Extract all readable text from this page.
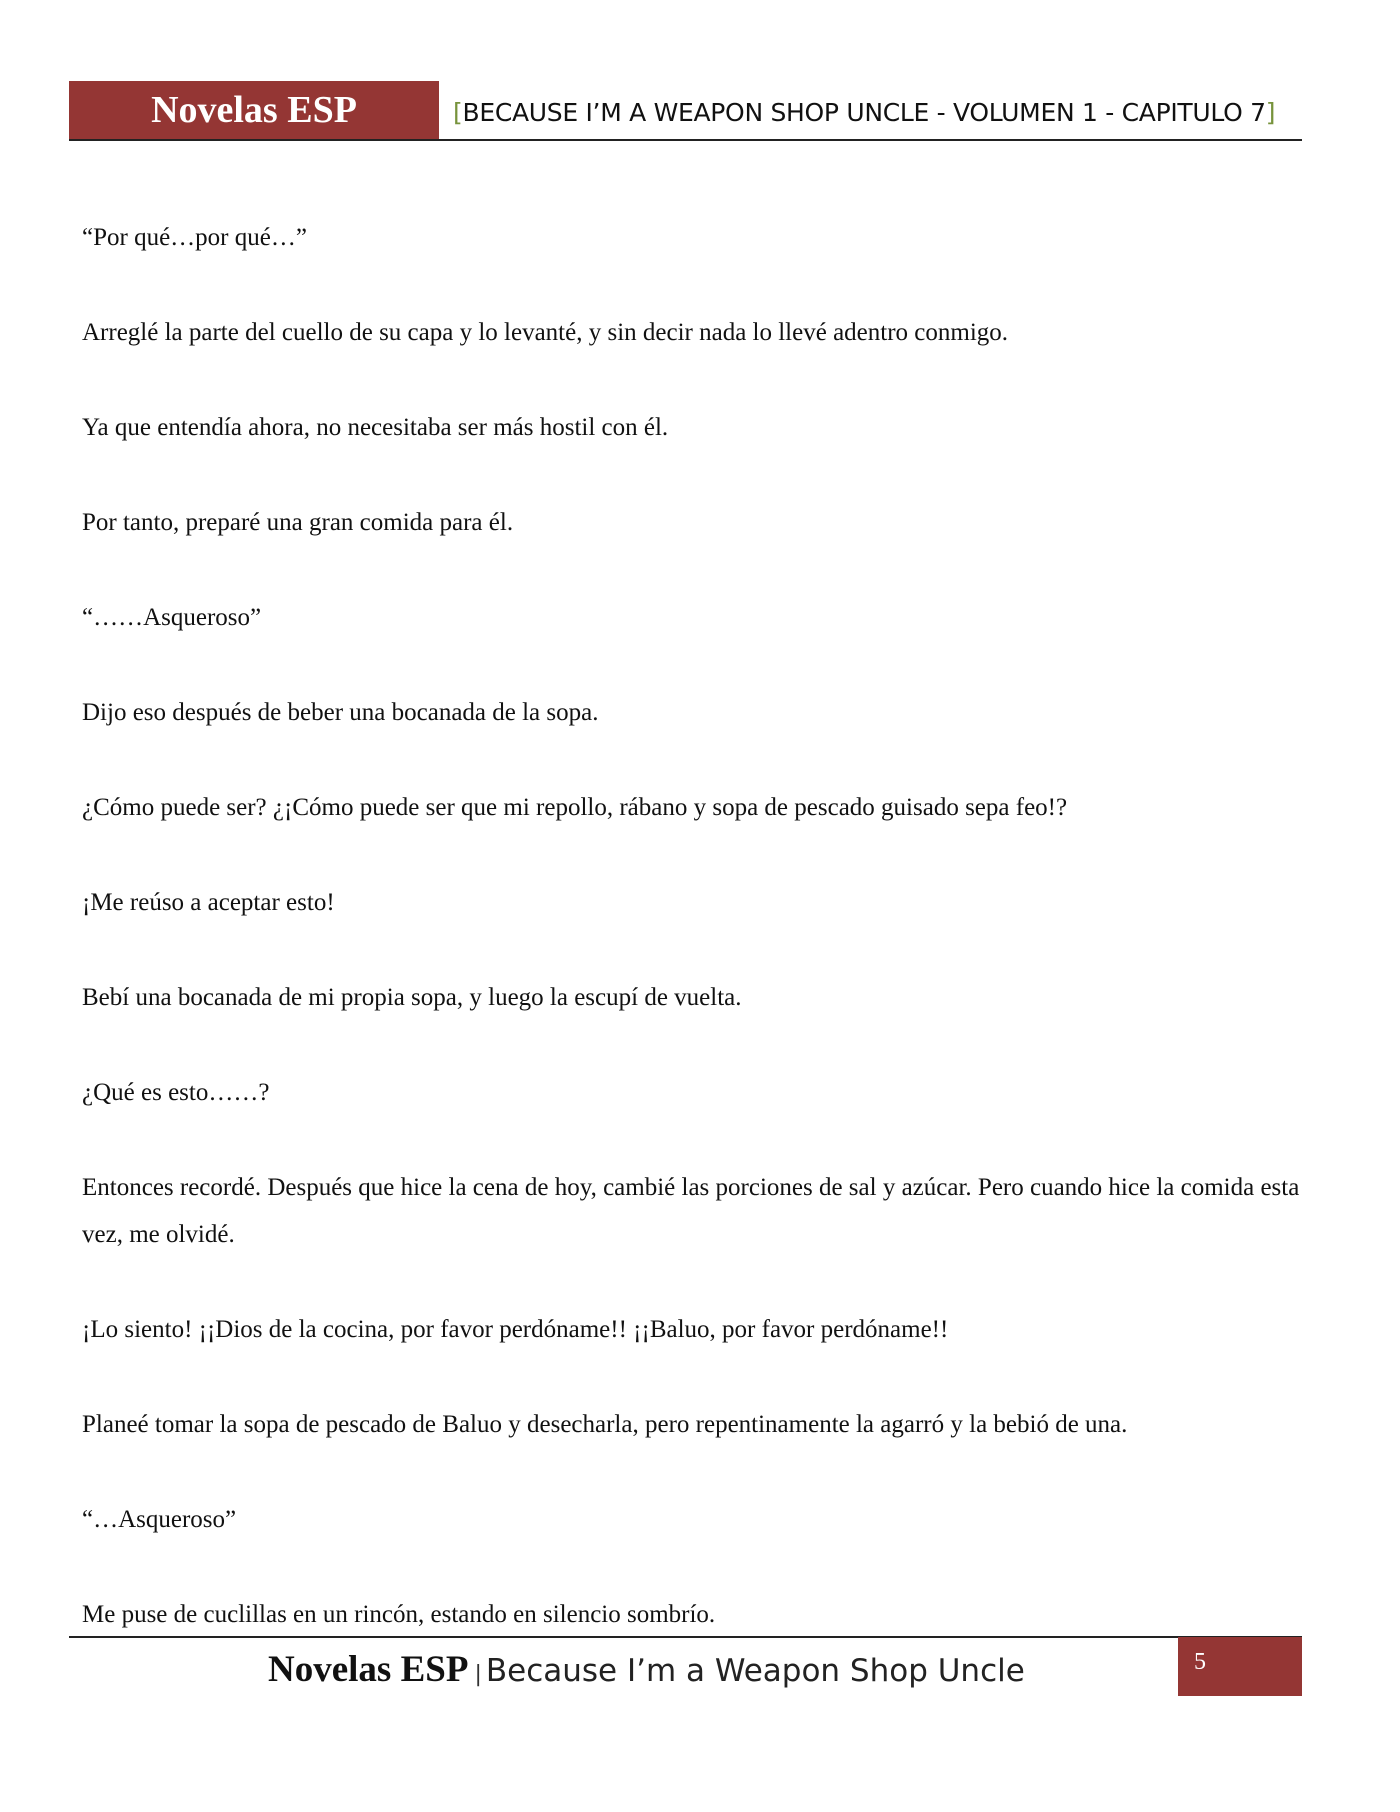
Novelas ESP	[BECAUSE I’M A WEAPON SHOP UNCLE - VOLUMEN 1 - CAPITULO 7]

“Por qué…por qué…”

Arreglé la parte del cuello de su capa y lo levanté, y sin decir nada lo llevé adentro conmigo.

Ya que entendía ahora, no necesitaba ser más hostil con él.

Por tanto, preparé una gran comida para él.

“……Asqueroso”

Dijo eso después de beber una bocanada de la sopa.

¿Cómo puede ser? ¿¡Cómo puede ser que mi repollo, rábano y sopa de pescado guisado sepa feo!?

¡Me reúso a aceptar esto!

Bebí una bocanada de mi propia sopa, y luego la escupí de vuelta.

¿Qué es esto……?

Entonces recordé. Después que hice la cena de hoy, cambié las porciones de sal y azúcar. Pero cuando hice la comida esta vez, me olvidé.

¡Lo siento! ¡¡Dios de la cocina, por favor perdóname!! ¡¡Baluo, por favor perdóname!!

Planeé tomar la sopa de pescado de Baluo y desecharla, pero repentinamente la agarró y la bebió de una.

“…Asqueroso”

Me puse de cuclillas en un rincón, estando en silencio sombrío.

Novelas ESP | Because I’m a Weapon Shop Uncle	5
